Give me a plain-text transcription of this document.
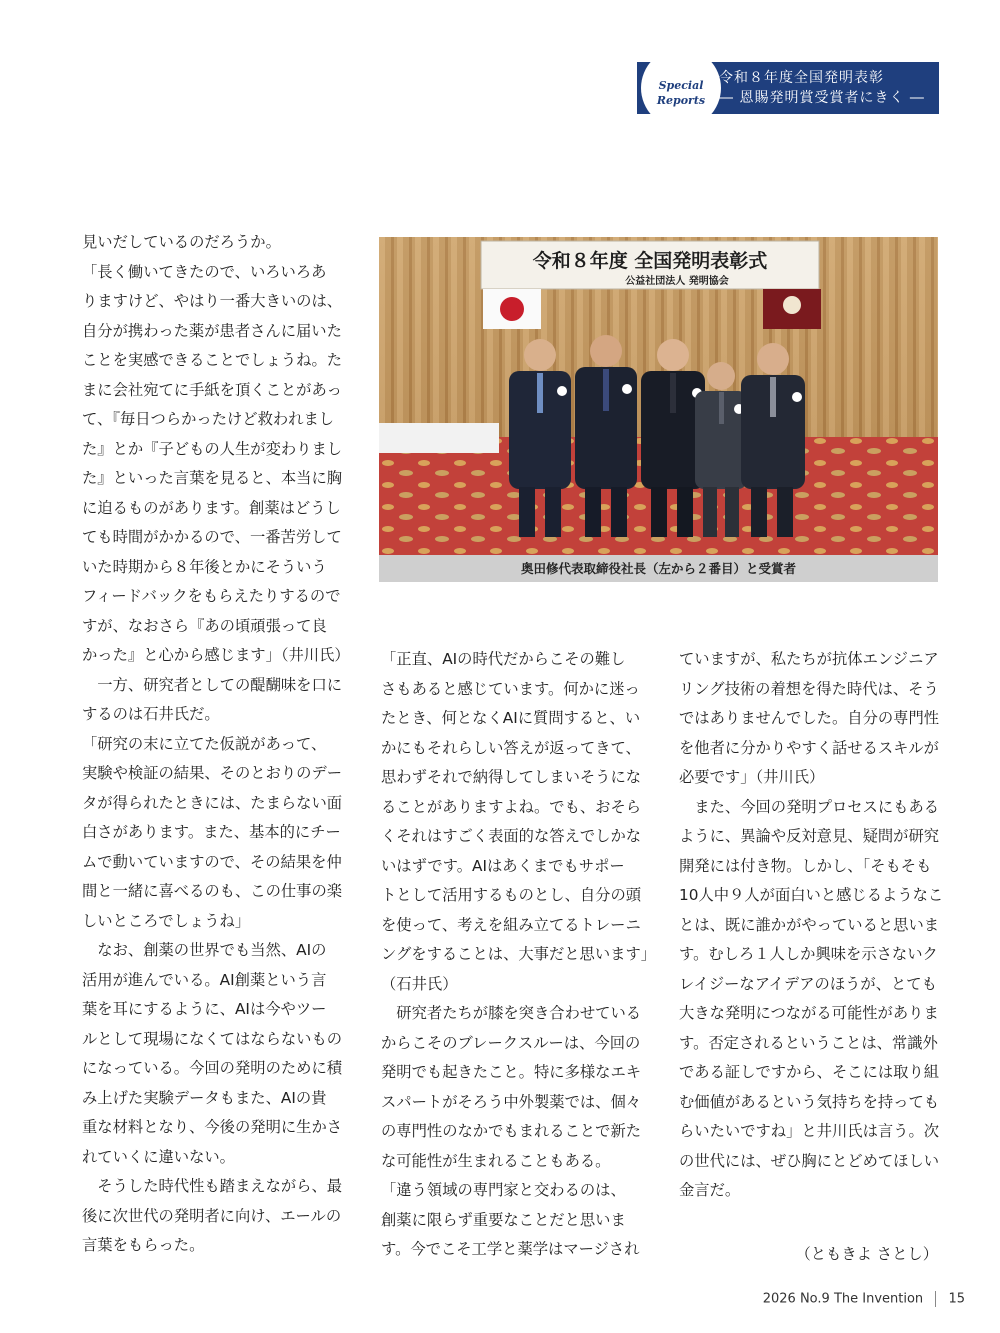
Special
Reports
令和８年度全国発明表彰
― 恩賜発明賞受賞者にきく ―

見いだしているのだろうか。

「長く働いてきたので、いろいろあ

りますけど、やはり一番大きいのは、

自分が携わった薬が患者さんに届いた

ことを実感できることでしょうね。た

まに会社宛てに手紙を頂くことがあっ

て、『毎日つらかったけど救われまし

た』とか『子どもの人生が変わりまし

た』といった言葉を見ると、本当に胸

に迫るものがあります。創薬はどうし

ても時間がかかるので、一番苦労して

いた時期から８年後とかにそういう

フィードバックをもらえたりするので

すが、なおさら『あの頃頑張って良

かった』と心から感じます」（井川氏）

　一方、研究者としての醍醐味を口に

するのは石井氏だ。

「研究の末に立てた仮説があって、

実験や検証の結果、そのとおりのデー

タが得られたときには、たまらない面

白さがあります。また、基本的にチー

ムで動いていますので、その結果を仲

間と一緒に喜べるのも、この仕事の楽

しいところでしょうね」

　なお、創薬の世界でも当然、AIの

活用が進んでいる。AI創薬という言

葉を耳にするように、AIは今やツー

ルとして現場になくてはならないもの

になっている。今回の発明のために積

み上げた実験データもまた、AIの貴

重な材料となり、今後の発明に生かさ

れていくに違いない。

　そうした時代性も踏まえながら、最

後に次世代の発明者に向け、エールの

言葉をもらった。

令和８年度 全国発明表彰式
公益社団法人 発明協会
奥田修代表取締役社長（左から２番目）と受賞者

「正直、AIの時代だからこその難し

さもあると感じています。何かに迷っ

たとき、何となくAIに質問すると、い

かにもそれらしい答えが返ってきて、

思わずそれで納得してしまいそうにな

ることがありますよね。でも、おそら

くそれはすごく表面的な答えでしかな

いはずです。AIはあくまでもサポー

トとして活用するものとし、自分の頭

を使って、考えを組み立てるトレーニ

ングをすることは、大事だと思います」

（石井氏）

　研究者たちが膝を突き合わせている

からこそのブレークスルーは、今回の

発明でも起きたこと。特に多様なエキ

スパートがそろう中外製薬では、個々

の専門性のなかでもまれることで新た

な可能性が生まれることもある。

「違う領域の専門家と交わるのは、

創薬に限らず重要なことだと思いま

す。今でこそ工学と薬学はマージされ

ていますが、私たちが抗体エンジニア

リング技術の着想を得た時代は、そう

ではありませんでした。自分の専門性

を他者に分かりやすく話せるスキルが

必要です」（井川氏）

　また、今回の発明プロセスにもある

ように、異論や反対意見、疑問が研究

開発には付き物。しかし、「そもそも

10人中９人が面白いと感じるようなこ

とは、既に誰かがやっていると思いま

す。むしろ１人しか興味を示さないク

レイジーなアイデアのほうが、とても

大きな発明につながる可能性がありま

す。否定されるということは、常識外

である証しですから、そこには取り組

む価値があるという気持ちを持っても

らいたいですね」と井川氏は言う。次

の世代には、ぜひ胸にとどめてほしい

金言だ。

（ともきよ さとし）
2026 No.9 The Invention 15
